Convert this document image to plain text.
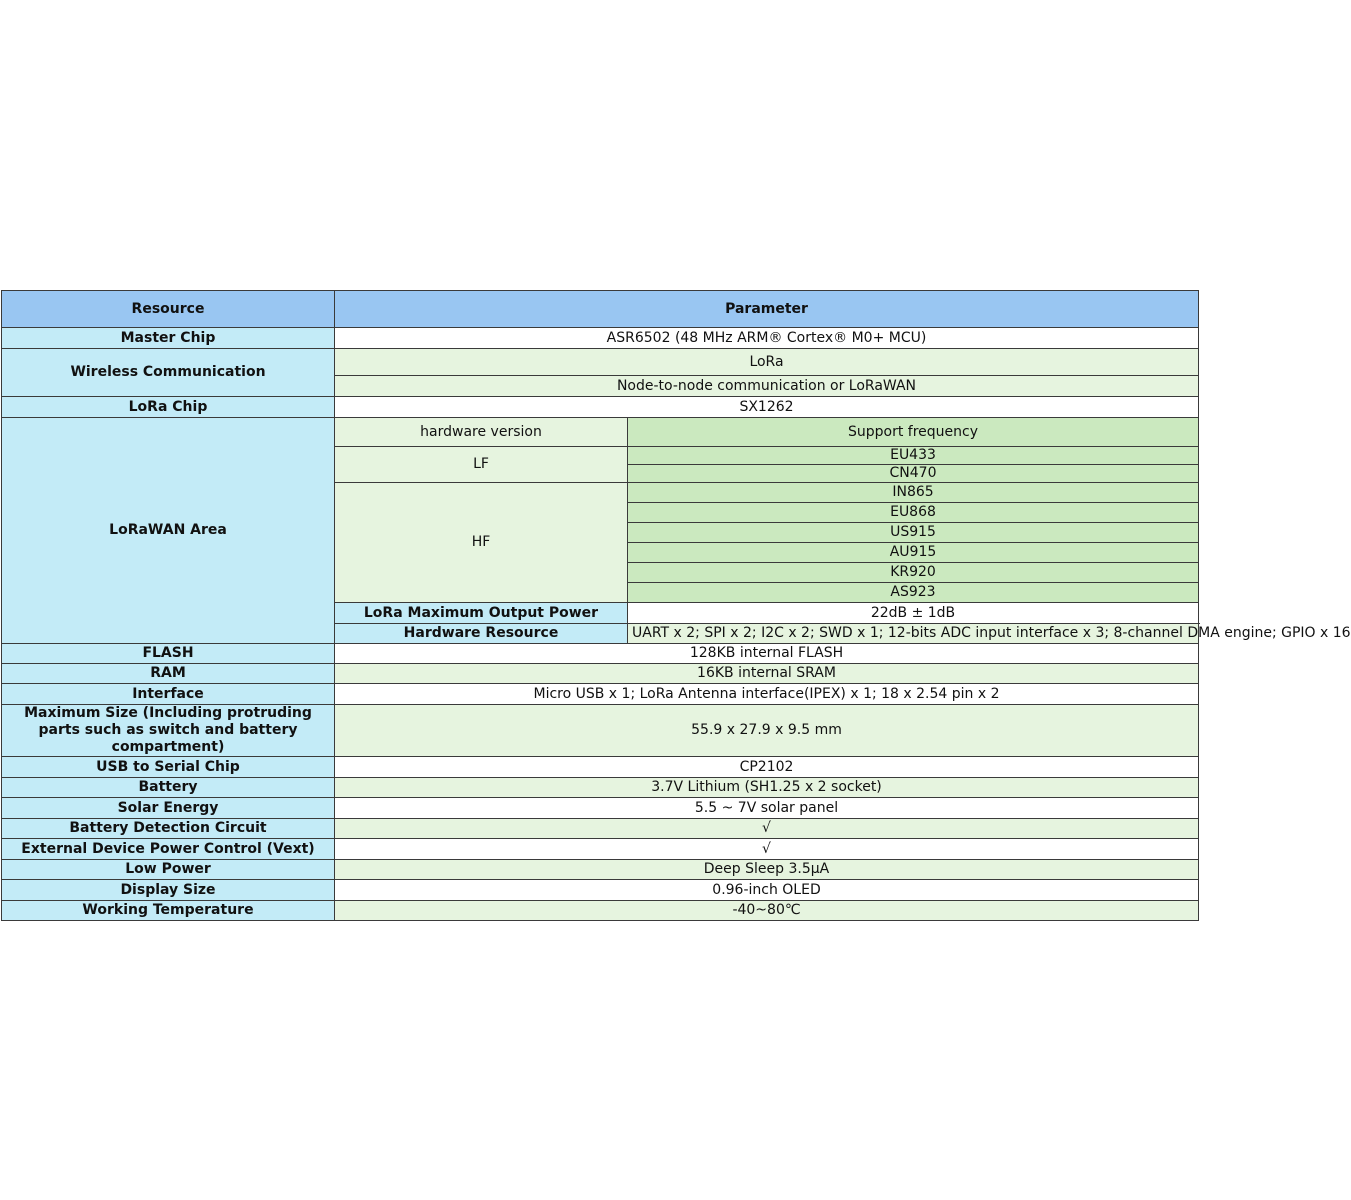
Resource	Parameter	
Master Chip	ASR6502 (48 MHz ARM® Cortex® M0+ MCU)	
Wireless Communication	LoRa	
	Node-to-node communication or LoRaWAN	
LoRa Chip	SX1262	
LoRaWAN Area	hardware version	Support frequency
	LF	EU433
		CN470
	HF	IN865
		EU868
		US915
		AU915
		KR920
		AS923
	LoRa Maximum Output Power	22dB ± 1dB
	Hardware Resource	UART x 2; SPI x 2; I2C x 2; SWD x 1; 12-bits ADC input interface x 3; 8-channel DMA engine; GPIO x 16
FLASH	128KB internal FLASH	
RAM	16KB internal SRAM	
Interface	Micro USB x 1; LoRa Antenna interface(IPEX) x 1; 18 x 2.54 pin x 2	
Maximum Size (Including protruding parts such as switch and battery compartment)	55.9 x 27.9 x 9.5 mm	
USB to Serial Chip	CP2102	
Battery	3.7V Lithium (SH1.25 x 2 socket)	
Solar Energy	5.5 ~ 7V solar panel	
Battery Detection Circuit	√	
External Device Power Control (Vext)	√	
Low Power	Deep Sleep 3.5μA	
Display Size	0.96-inch OLED	
Working Temperature	-40~80℃	
